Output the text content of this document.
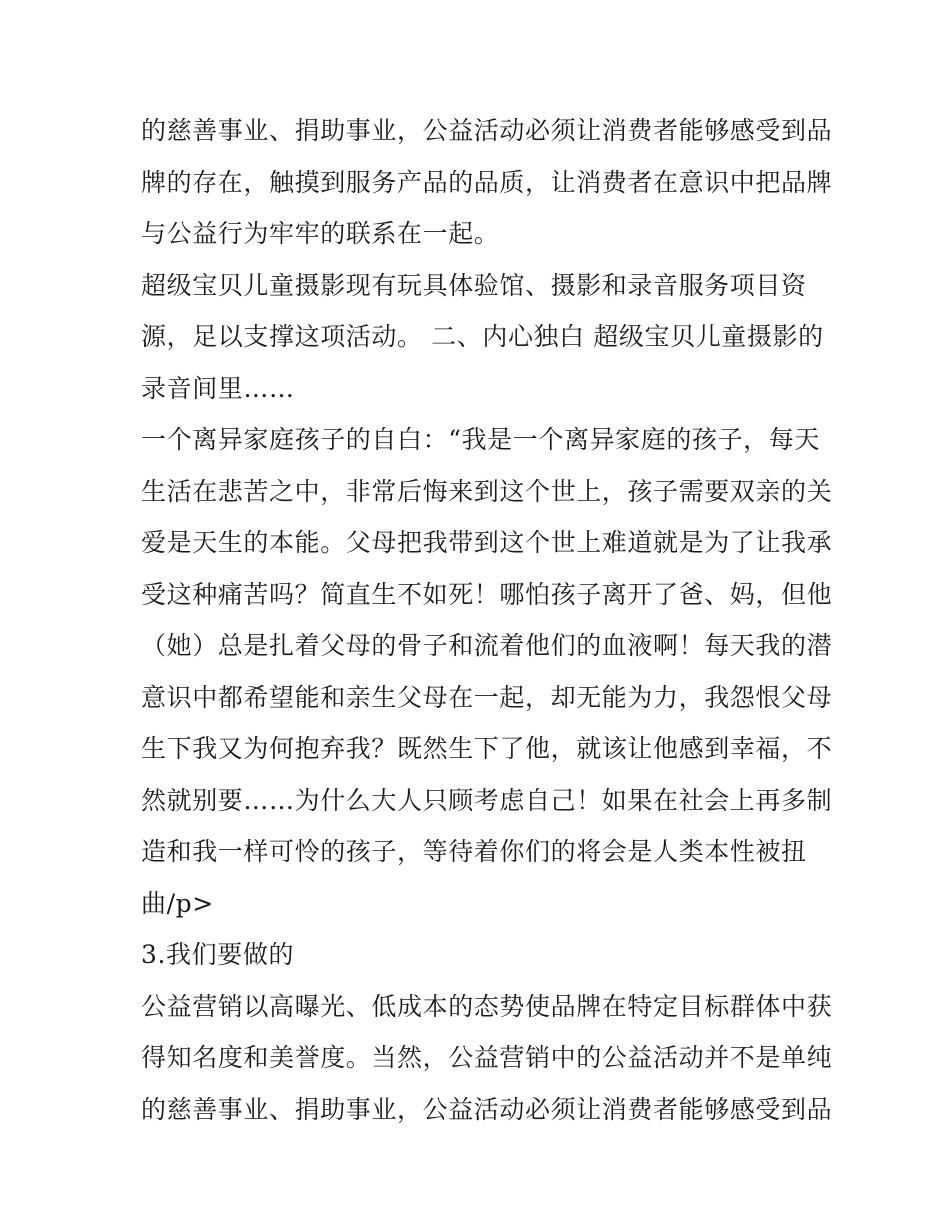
的慈善事业、捐助事业，公益活动必须让消费者能够感受到品
牌的存在，触摸到服务产品的品质，让消费者在意识中把品牌
与公益行为牢牢的联系在一起。
超级宝贝儿童摄影现有玩具体验馆、摄影和录音服务项目资
源，足以支撑这项活动。 二、内心独白 超级宝贝儿童摄影的
录音间里……
一个离异家庭孩子的自白：“我是一个离异家庭的孩子，每天
生活在悲苦之中，非常后悔来到这个世上，孩子需要双亲的关
爱是天生的本能。父母把我带到这个世上难道就是为了让我承
受这种痛苦吗？简直生不如死！哪怕孩子离开了爸、妈，但他
（她）总是扎着父母的骨子和流着他们的血液啊！每天我的潜
意识中都希望能和亲生父母在一起，却无能为力，我怨恨父母
生下我又为何抱弃我？既然生下了他，就该让他感到幸福，不
然就别要……为什么大人只顾考虑自己！如果在社会上再多制
造和我一样可怜的孩子，等待着你们的将会是人类本性被扭
曲/p>
3.我们要做的
公益营销以高曝光、低成本的态势使品牌在特定目标群体中获
得知名度和美誉度。当然，公益营销中的公益活动并不是单纯
的慈善事业、捐助事业，公益活动必须让消费者能够感受到品
